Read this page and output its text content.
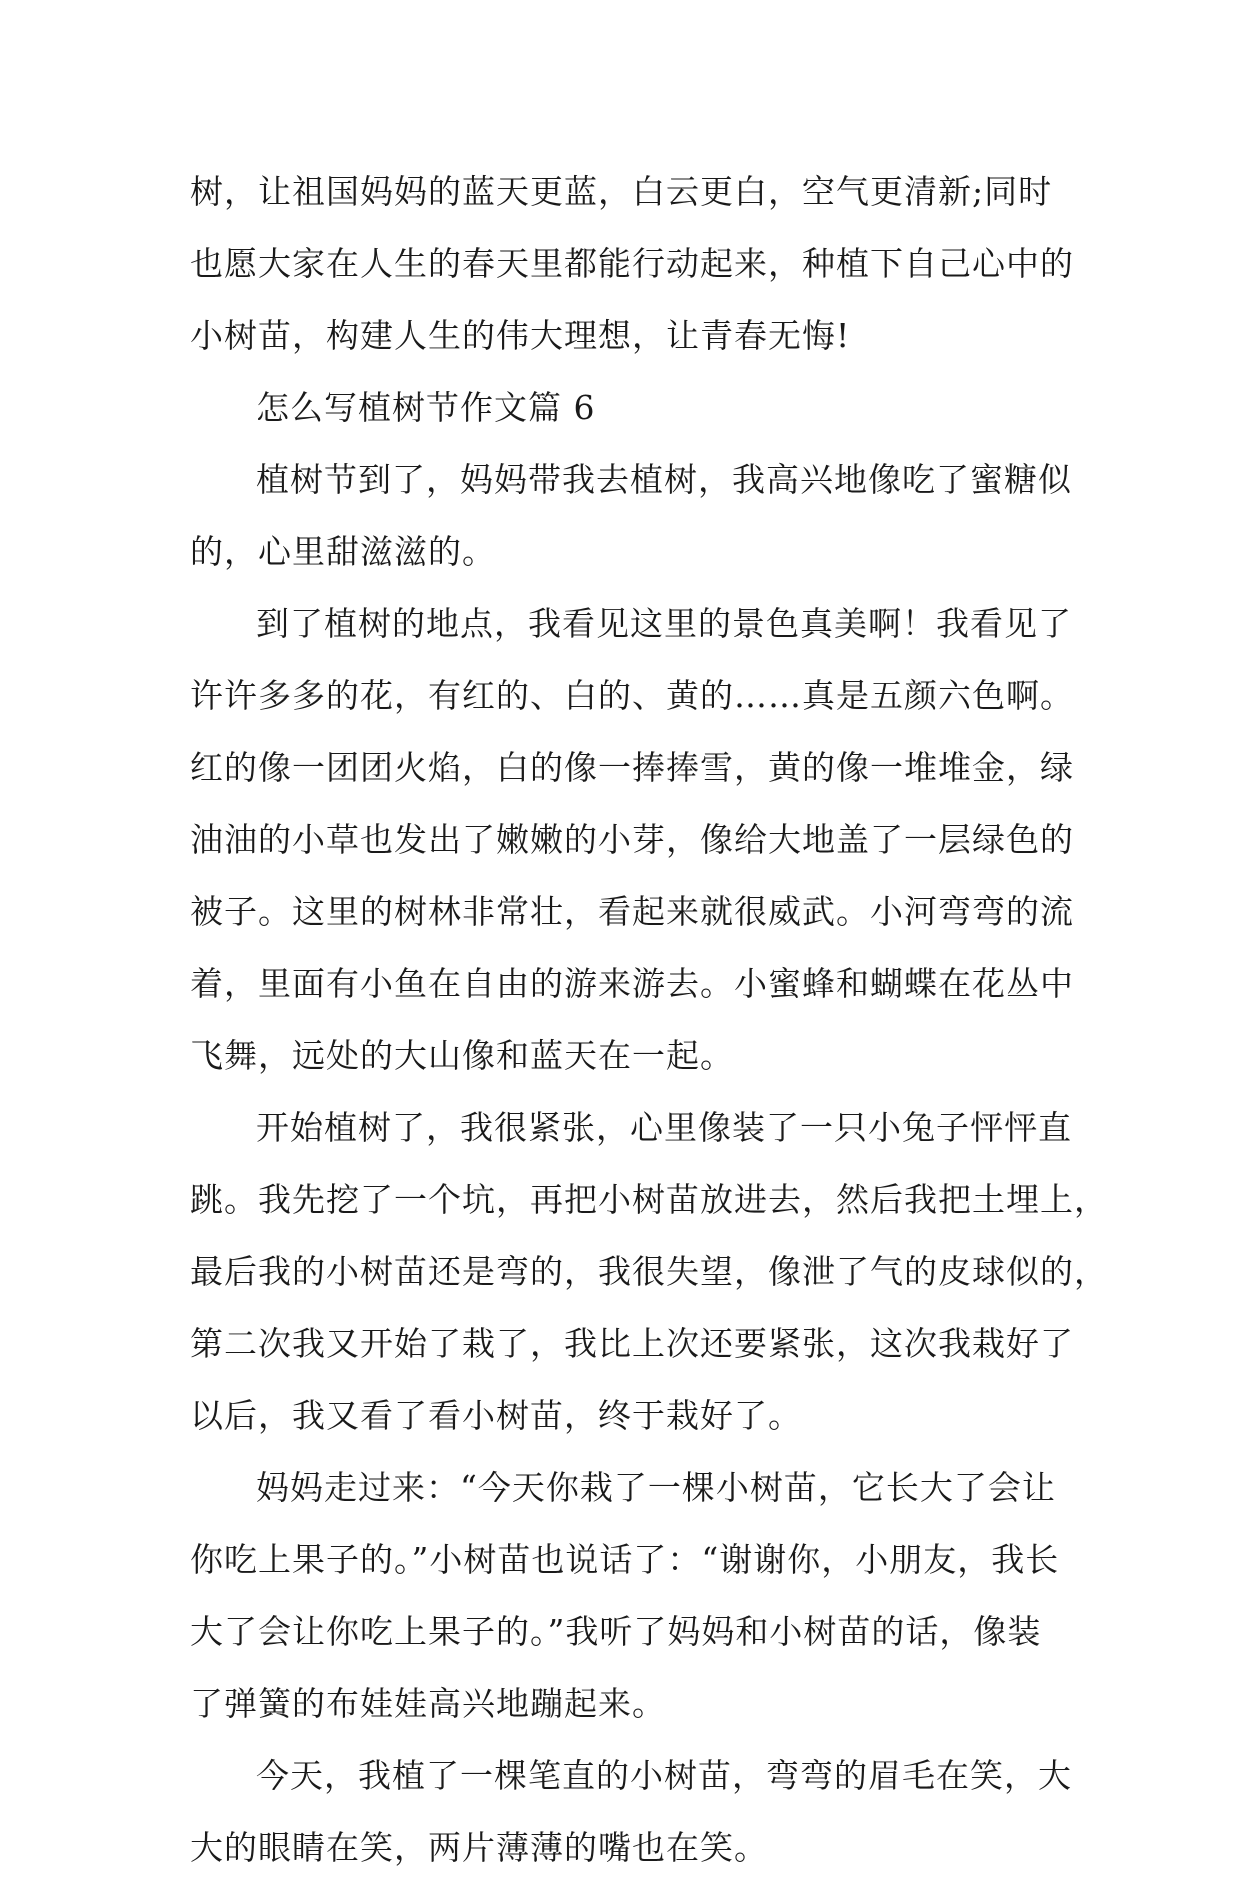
树，让祖国妈妈的蓝天更蓝，白云更白，空气更清新;同时
也愿大家在人生的春天里都能行动起来，种植下自己心中的
小树苗，构建人生的伟大理想，让青春无悔!
怎么写植树节作文篇 6
植树节到了，妈妈带我去植树，我高兴地像吃了蜜糖似
的，心里甜滋滋的。
到了植树的地点，我看见这里的景色真美啊！我看见了
许许多多的花，有红的、白的、黄的……真是五颜六色啊。
红的像一团团火焰，白的像一捧捧雪，黄的像一堆堆金，绿
油油的小草也发出了嫩嫩的小芽，像给大地盖了一层绿色的
被子。这里的树林非常壮，看起来就很威武。小河弯弯的流
着，里面有小鱼在自由的游来游去。小蜜蜂和蝴蝶在花丛中
飞舞，远处的大山像和蓝天在一起。
开始植树了，我很紧张，心里像装了一只小兔子怦怦直
跳。我先挖了一个坑，再把小树苗放进去，然后我把土埋上，
最后我的小树苗还是弯的，我很失望，像泄了气的皮球似的，
第二次我又开始了栽了，我比上次还要紧张，这次我栽好了
以后，我又看了看小树苗，终于栽好了。
妈妈走过来：“今天你栽了一棵小树苗，它长大了会让
你吃上果子的。”小树苗也说话了：“谢谢你，小朋友，我长
大了会让你吃上果子的。”我听了妈妈和小树苗的话，像装
了弹簧的布娃娃高兴地蹦起来。
今天，我植了一棵笔直的小树苗，弯弯的眉毛在笑，大
大的眼睛在笑，两片薄薄的嘴也在笑。
